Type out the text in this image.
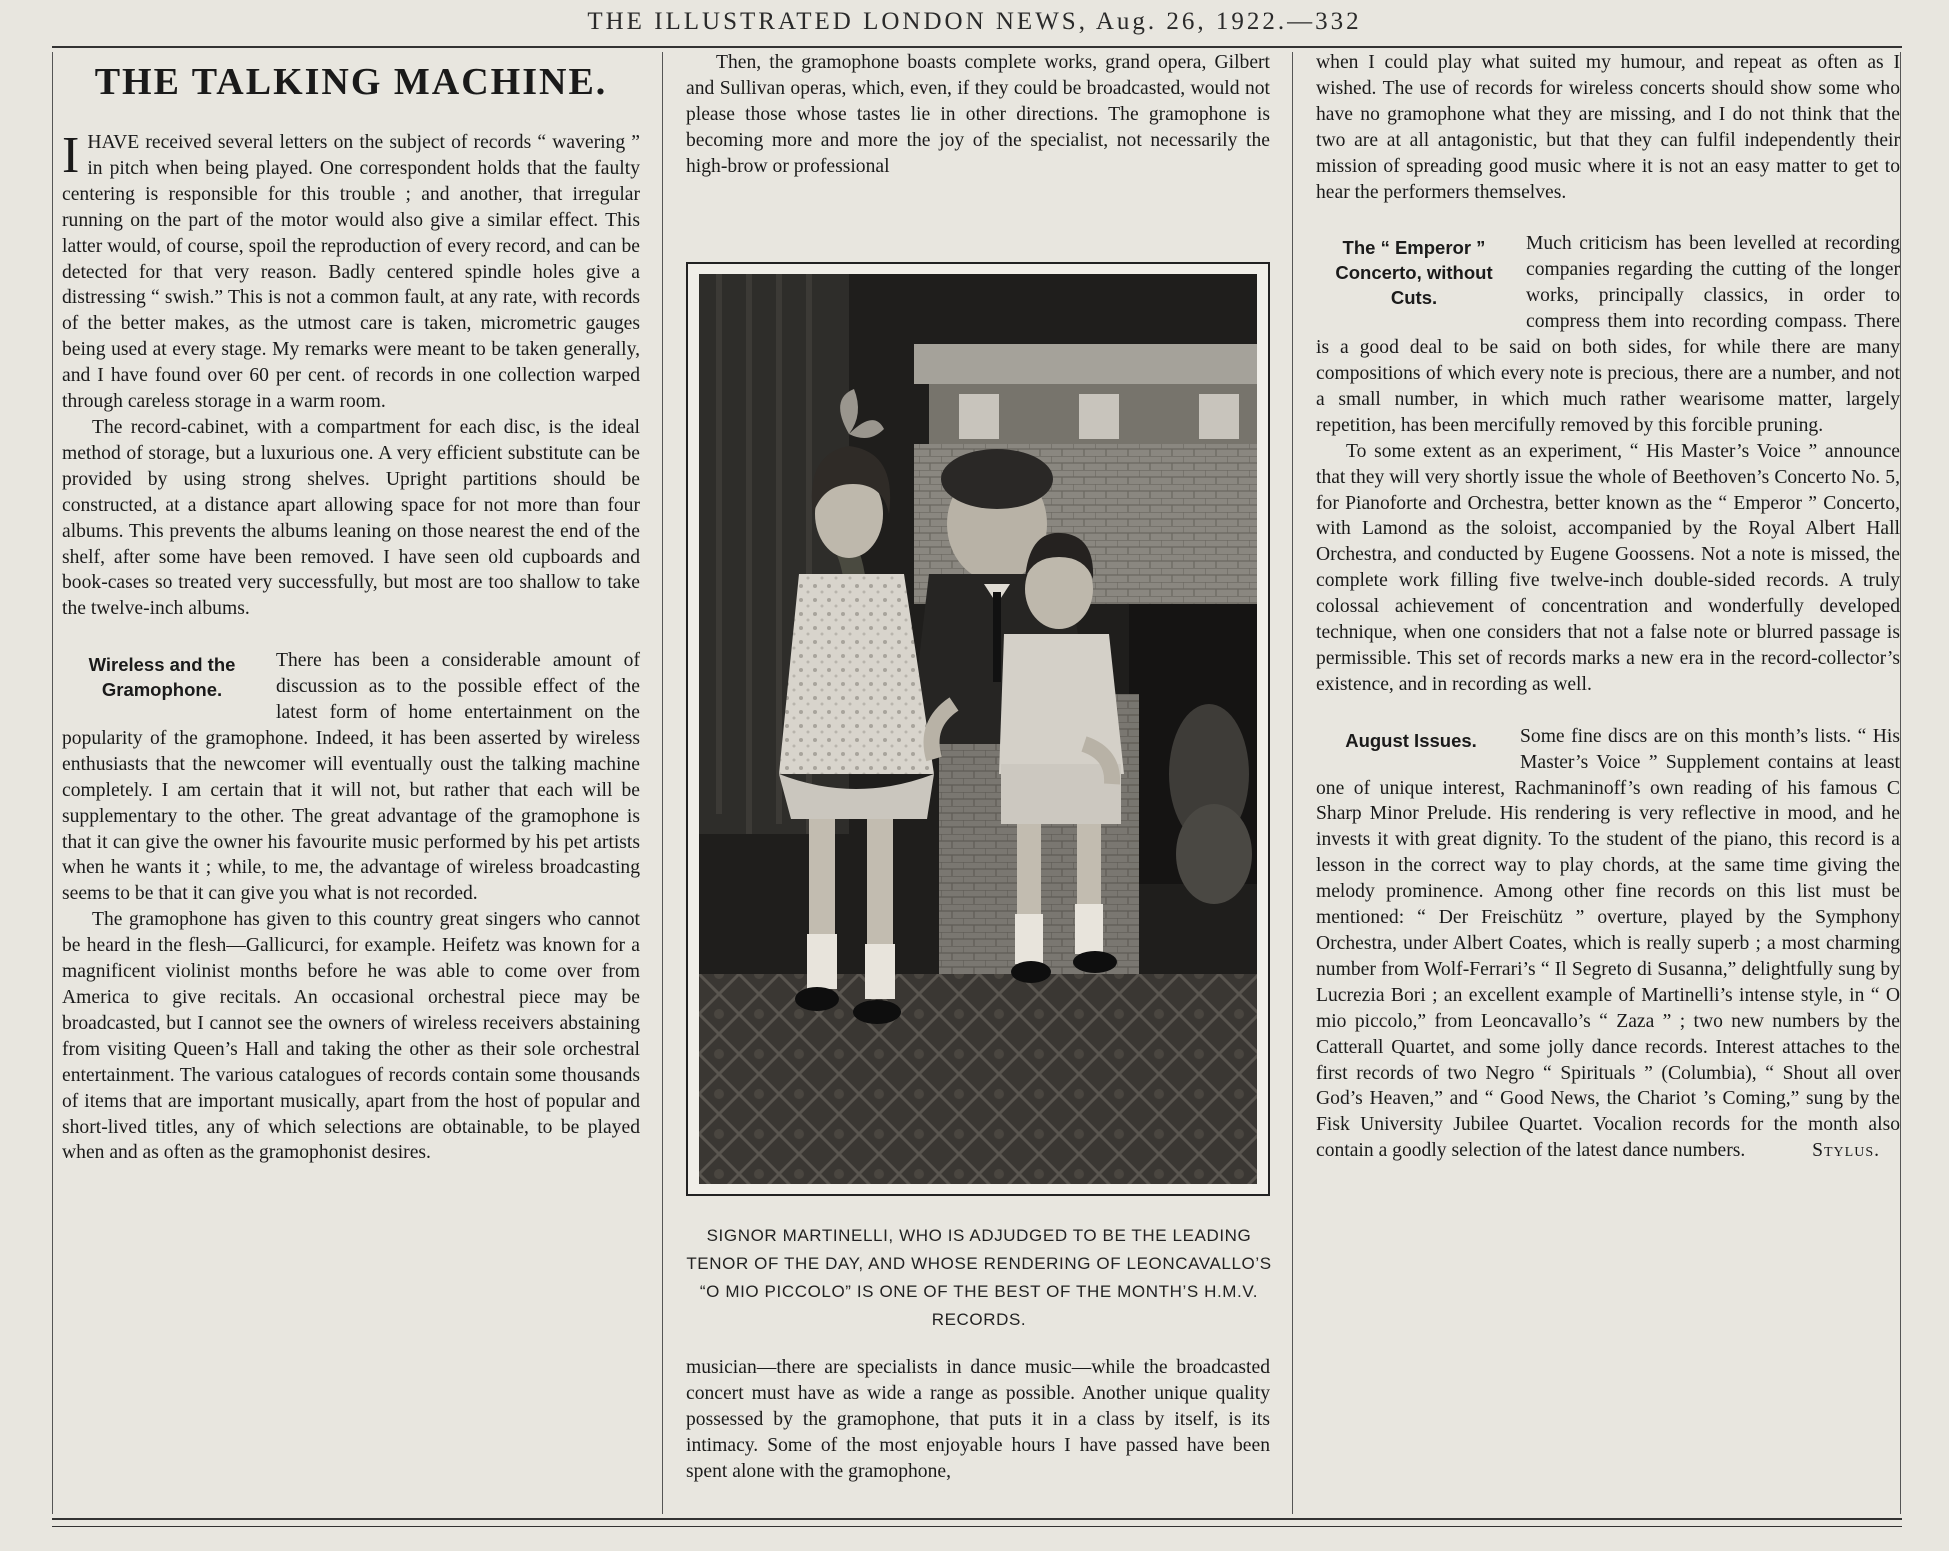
THE ILLUSTRATED LONDON NEWS, Aug. 26, 1922.—332
THE TALKING MACHINE.

I HAVE received several letters on the subject of records “ wavering ” in pitch when being played. One correspondent holds that the faulty centering is responsible for this trouble ; and another, that irregular running on the part of the motor would also give a similar effect. This latter would, of course, spoil the reproduction of every record, and can be detected for that very reason. Badly centered spindle holes give a distressing “ swish.” This is not a common fault, at any rate, with records of the better makes, as the utmost care is taken, micrometric gauges being used at every stage. My remarks were meant to be taken generally, and I have found over 60 per cent. of records in one collection warped through careless storage in a warm room.

The record-cabinet, with a compartment for each disc, is the ideal method of storage, but a luxurious one. A very efficient substitute can be provided by using strong shelves. Upright partitions should be constructed, at a distance apart allowing space for not more than four albums. This prevents the albums leaning on those nearest the end of the shelf, after some have been removed. I have seen old cupboards and book-cases so treated very successfully, but most are too shallow to take the twelve-inch albums.

Wireless and the Gramophone.
There has been a considerable amount of discussion as to the possible effect of the latest form of home entertainment on the popularity of the gramophone. Indeed, it has been asserted by wireless enthusiasts that the newcomer will eventually oust the talking machine completely. I am certain that it will not, but rather that each will be supplementary to the other. The great advantage of the gramophone is that it can give the owner his favourite music performed by his pet artists when he wants it ; while, to me, the advantage of wireless broadcasting seems to be that it can give you what is not recorded.

The gramophone has given to this country great singers who cannot be heard in the flesh—Gallicurci, for example. Heifetz was known for a magnificent violinist months before he was able to come over from America to give recitals. An occasional orchestral piece may be broadcasted, but I cannot see the owners of wireless receivers abstaining from visiting Queen’s Hall and taking the other as their sole orchestral entertainment. The various catalogues of records contain some thousands of items that are important musically, apart from the host of popular and short-lived titles, any of which selections are obtainable, to be played when and as often as the gramophonist desires.

Then, the gramophone boasts complete works, grand opera, Gilbert and Sullivan operas, which, even, if they could be broadcasted, would not please those whose tastes lie in other directions. The gramophone is becoming more and more the joy of the specialist, not necessarily the high-brow or professional

SIGNOR MARTINELLI, WHO IS ADJUDGED TO BE THE LEADING TENOR OF THE DAY, AND WHOSE RENDERING OF LEONCAVALLO’S “O MIO PICCOLO” IS ONE OF THE BEST OF THE MONTH’S H.M.V. RECORDS.

musician—there are specialists in dance music—while the broadcasted concert must have as wide a range as possible. Another unique quality possessed by the gramophone, that puts it in a class by itself, is its intimacy. Some of the most enjoyable hours I have passed have been spent alone with the gramophone,

when I could play what suited my humour, and repeat as often as I wished. The use of records for wireless concerts should show some who have no gramophone what they are missing, and I do not think that the two are at all antagonistic, but that they can fulfil independently their mission of spreading good music where it is not an easy matter to get to hear the performers themselves.

The “ Emperor ” Concerto, without Cuts.
Much criticism has been levelled at recording companies regarding the cutting of the longer works, principally classics, in order to compress them into recording compass. There is a good deal to be said on both sides, for while there are many compositions of which every note is precious, there are a number, and not a small number, in which much rather wearisome matter, largely repetition, has been mercifully removed by this forcible pruning.

To some extent as an experiment, “ His Master’s Voice ” announce that they will very shortly issue the whole of Beethoven’s Concerto No. 5, for Pianoforte and Orchestra, better known as the “ Emperor ” Concerto, with Lamond as the soloist, accompanied by the Royal Albert Hall Orchestra, and conducted by Eugene Goossens. Not a note is missed, the complete work filling five twelve-inch double-sided records. A truly colossal achievement of concentration and wonderfully developed technique, when one considers that not a false note or blurred passage is permissible. This set of records marks a new era in the record-collector’s existence, and in recording as well.

August Issues.	Some fine discs are on this month’s lists. “ His Master’s Voice ” Supplement contains at least one of unique interest, Rachmaninoff’s own reading of his famous C Sharp Minor Prelude. His rendering is very reflective in mood, and he invests it with great dignity. To the student of the piano, this record is a lesson in the correct way to play chords, at the same time giving the melody prominence. Among other fine records on this list must be mentioned: “ Der Freischütz ” overture, played by the Symphony Orchestra, under Albert Coates, which is really superb ; a most charming number from Wolf-Ferrari’s “ Il Segreto di Susanna,” delightfully sung by Lucrezia Bori ; an excellent example of Martinelli’s intense style, in “ O mio piccolo,” from Leoncavallo’s “ Zaza ” ; two new numbers by the Catterall Quartet, and some jolly dance records. Interest attaches to the first records of two Negro “ Spirituals ” (Columbia), “ Shout all over God’s Heaven,” and “ Good News, the Chariot ’s Coming,” sung by the Fisk University Jubilee Quartet. Vocalion records for the month also contain a goodly selection of the latest dance numbers.	Stylus.
